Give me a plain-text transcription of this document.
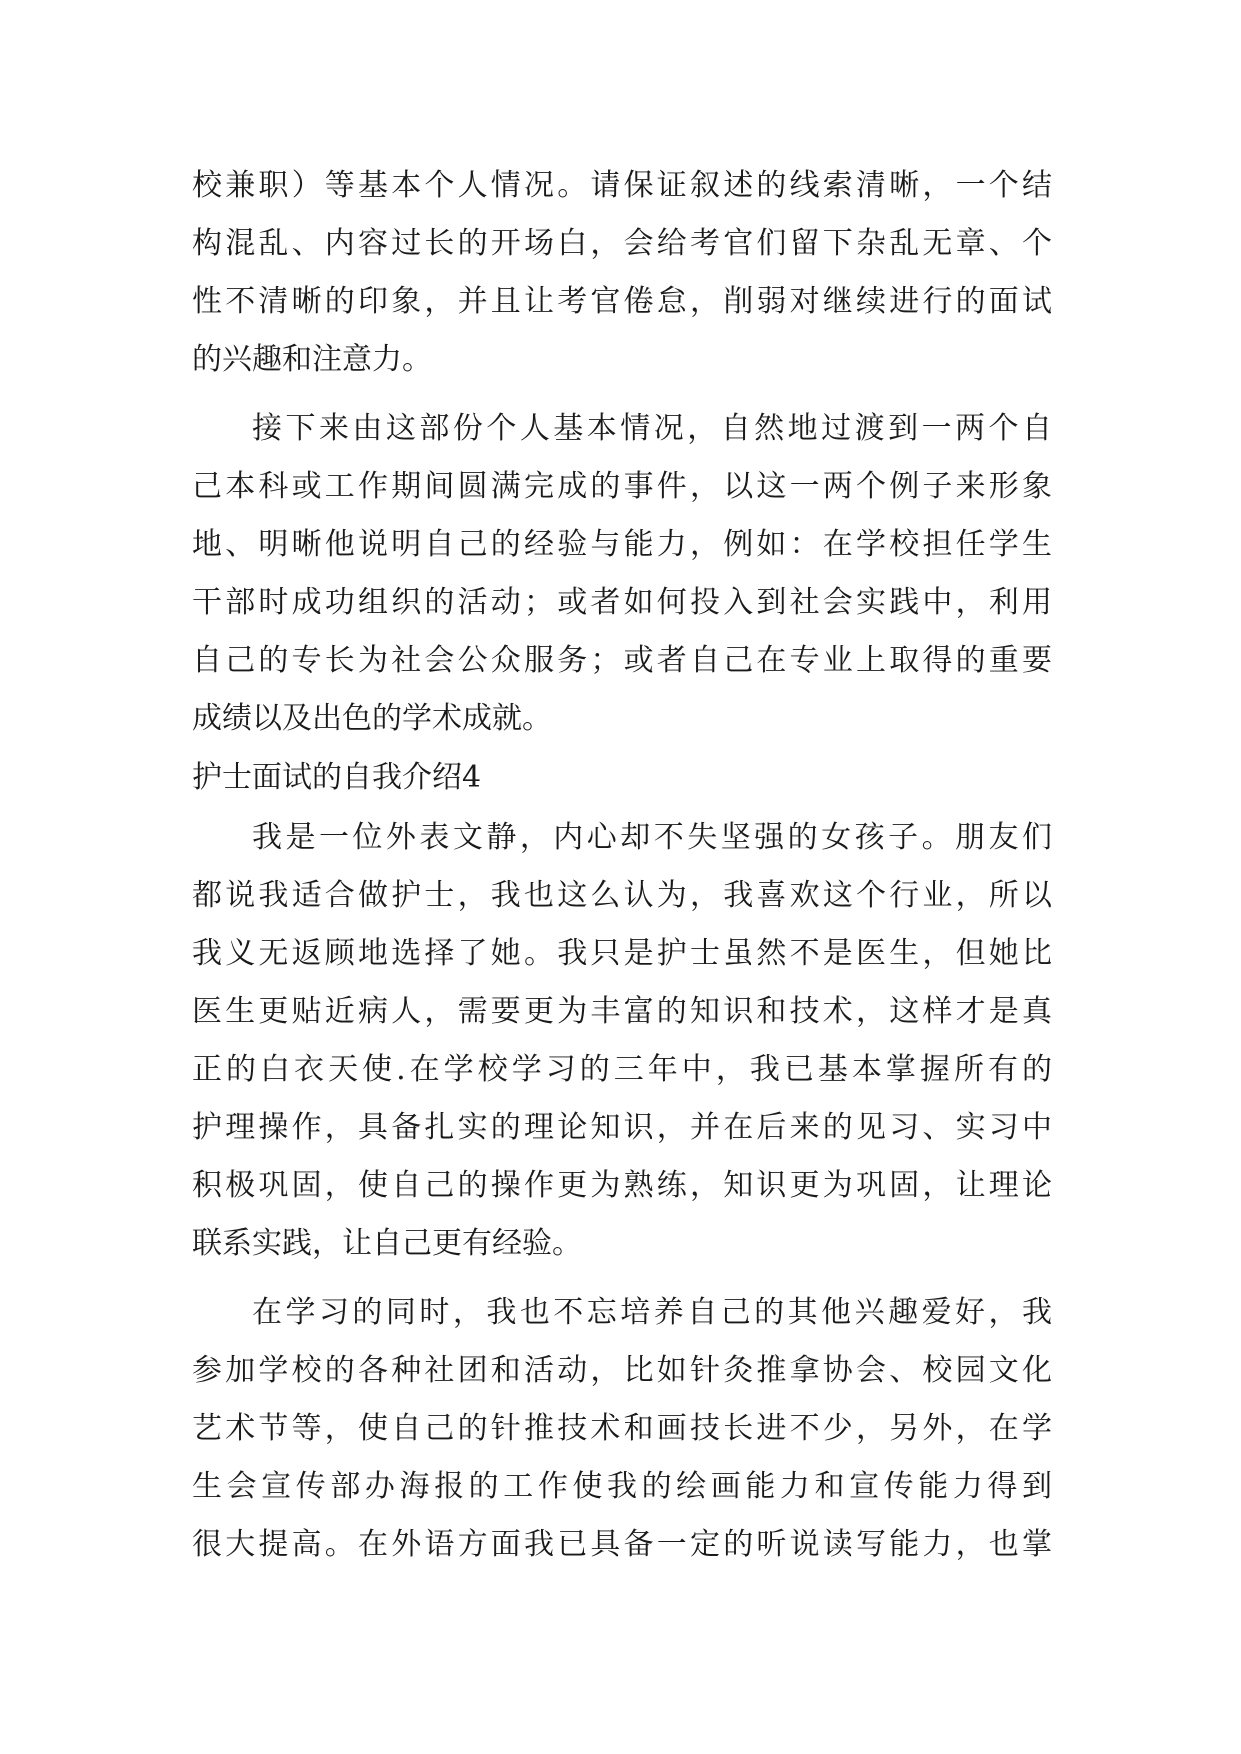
校兼职）等基本个人情况。请保证叙述的线索清晰，一个结
构混乱、内容过长的开场白，会给考官们留下杂乱无章、个
性不清晰的印象，并且让考官倦怠，削弱对继续进行的面试
的兴趣和注意力。
接下来由这部份个人基本情况，自然地过渡到一两个自
己本科或工作期间圆满完成的事件，以这一两个例子来形象
地、明晰他说明自己的经验与能力，例如：在学校担任学生
干部时成功组织的活动；或者如何投入到社会实践中，利用
自己的专长为社会公众服务；或者自己在专业上取得的重要
成绩以及出色的学术成就。
护士面试的自我介绍4
我是一位外表文静，内心却不失坚强的女孩子。朋友们
都说我适合做护士，我也这么认为，我喜欢这个行业，所以
我义无返顾地选择了她。我只是护士虽然不是医生，但她比
医生更贴近病人，需要更为丰富的知识和技术，这样才是真
正的白衣天使.在学校学习的三年中，我已基本掌握所有的
护理操作，具备扎实的理论知识，并在后来的见习、实习中
积极巩固，使自己的操作更为熟练，知识更为巩固，让理论
联系实践，让自己更有经验。
在学习的同时，我也不忘培养自己的其他兴趣爱好，我
参加学校的各种社团和活动，比如针灸推拿协会、校园文化
艺术节等，使自己的针推技术和画技长进不少，另外，在学
生会宣传部办海报的工作使我的绘画能力和宣传能力得到
很大提高。在外语方面我已具备一定的听说读写能力，也掌
